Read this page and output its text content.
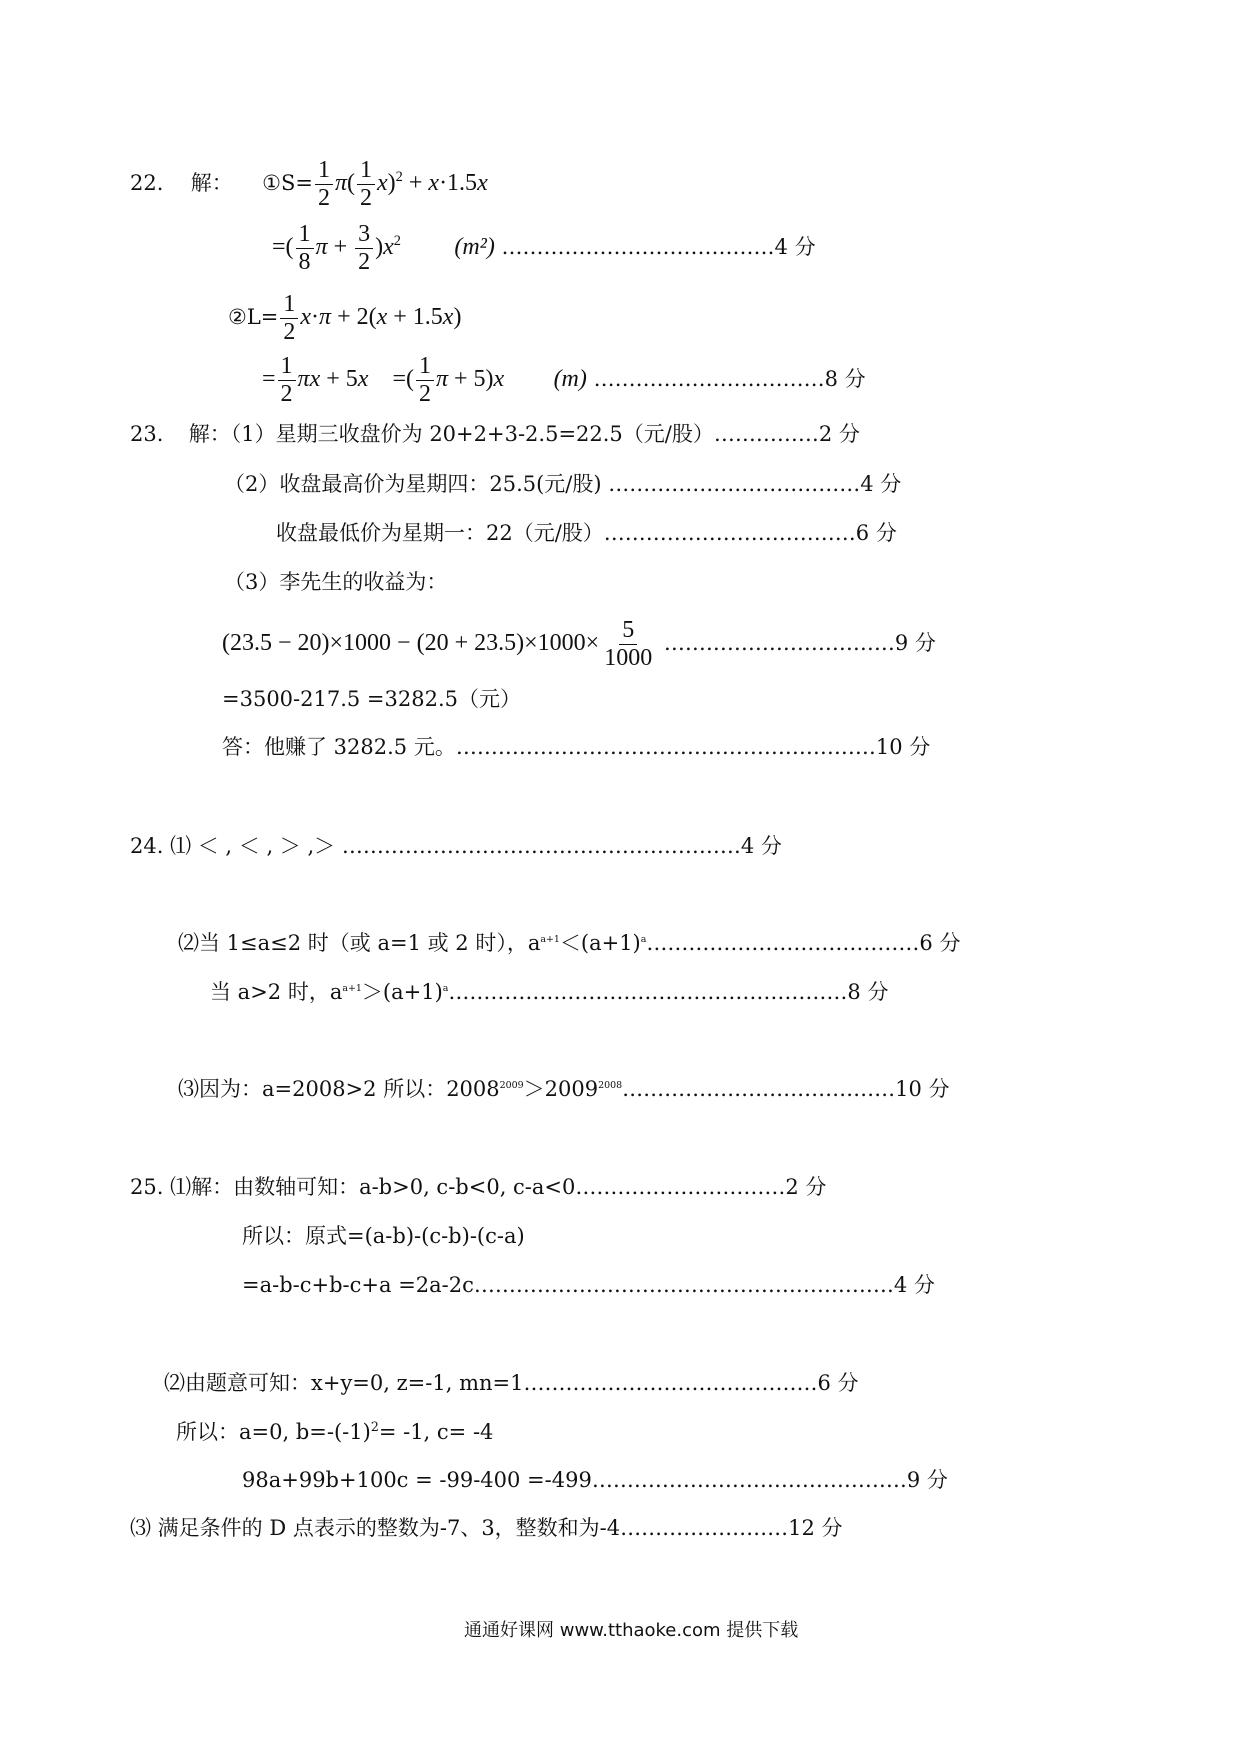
22. 解： ①S= $\frac{1}{2} \pi( \frac{1}{2} x)^2 + x\cdot 1.5x$
=( $\frac{1}{8}$ $\pi + \frac{3}{2} )x^2$ (m²) …………………………………4 分
②L= $\frac{1}{2} x\cdot\pi + 2(x + 1.5x)$
= $\frac{1}{2}$ πx + 5x =( $\frac{1}{2}$ π + 5)x (m) ……………………………8 分
23. 解：（1）星期三收盘价为 20+2+3-2.5=22.5（元/股）……………2 分
（2）收盘最高价为星期四：25.5(元/股) ………………………………4 分
收盘最低价为星期一：22（元/股）………………………………6 分
（3）李先生的收益为：
$(23.5 - 20)\times 1000 - (20 + 23.5)\times 1000\times \frac{5}{1000}$ ……………………………9 分
=3500-217.5 =3282.5（元）
答：他赚了 3282.5 元。……………………………………………………10 分
24. ⑴ ＜ , ＜ , ＞ ,＞ …………………………………………………4 分
⑵当 1≤a≤2 时（或 a=1 或 2 时），$a^{a+1}<(a+1)^a\dots\dots\dots\dots\dots\dots\dots\dots\dots\dots\dots\dots\dots 6$ 分
当 a>2 时，$a^{a+1}>(a+1)^a\dots\dots\dots\dots\dots\dots\dots\dots\dots\dots\dots\dots\dots\dots\dots\dots\dots\dots\dots 8$ 分
⑶因为：a=2008>2 所以：$2008^{2009}>2009^{2008}\dots\dots\dots\dots\dots\dots\dots\dots\dots\dots\dots\dots\dots 10$ 分
25. ⑴解：由数轴可知：a-b>0, c-b<0, c-a<0…………………………2 分
所以：原式=(a-b)-(c-b)-(c-a)
=a-b-c+b-c+a =2a-2c……………………………………………………4 分
⑵由题意可知：x+y=0, z=-1, mn=1……………………………………6 分
所以：a=0, $b=-(-1)^2= -1$, c= -4
98a+99b+100c = -99-400 =-499………………………………………9 分
⑶ 满足条件的 D 点表示的整数为-7、3，整数和为-4……………………12 分
通通好课网 www.tthaoke.com 提供下载
